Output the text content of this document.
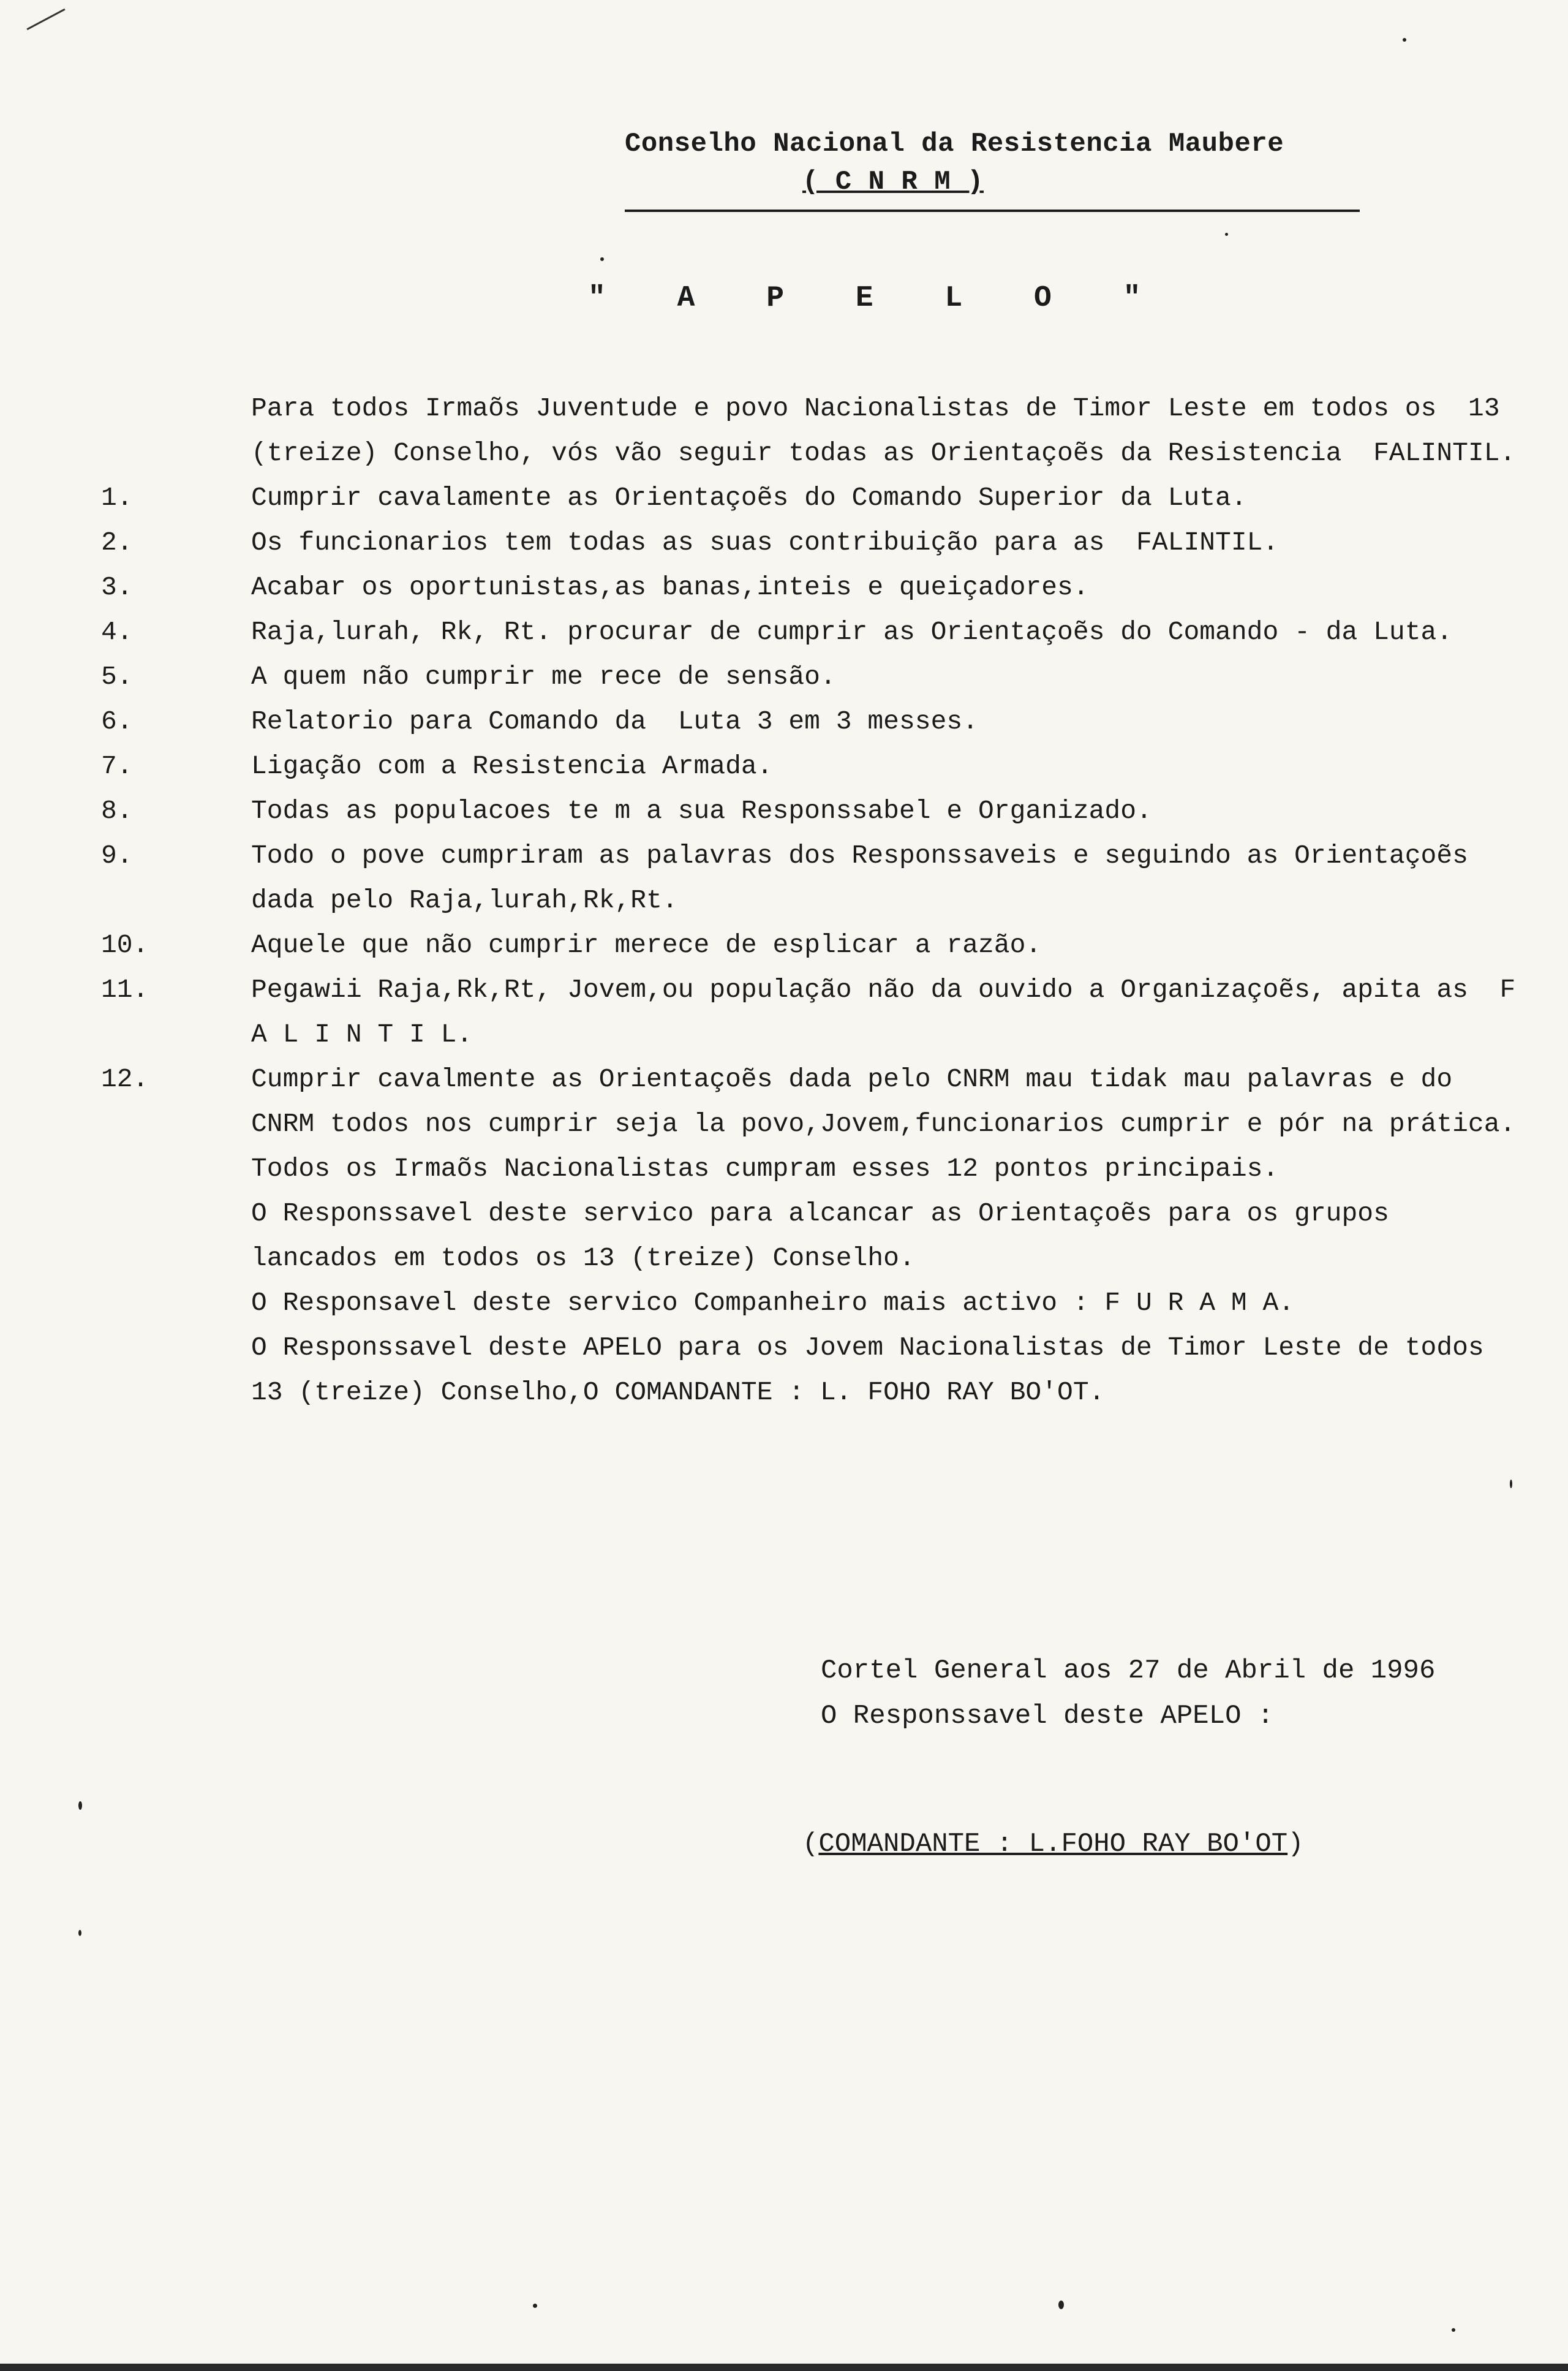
Conselho Nacional da Resistencia Maubere

( C N R M )

" A P E L O "

Para todos Irmaõs Juventude e povo Nacionalistas de Timor Leste em todos os  13 (treize) Conselho, vós vão seguir todas as Orientaçoẽs da Resistencia  FALINTIL.

1.	Cumprir cavalamente as Orientaçoẽs do Comando Superior da Luta.
2.	Os funcionarios tem todas as suas contribuição para as  FALINTIL.
3.	Acabar os oportunistas,as banas,inteis e queiçadores.
4.	Raja,lurah, Rk, Rt. procurar de cumprir as Orientaçoẽs do Comando - da Luta.
5.	A quem não cumprir me rece de sensão.
6.	Relatorio para Comando da  Luta 3 em 3 messes.
7.	Ligação com a Resistencia Armada.
8.	Todas as populacoes te m a sua Responssabel e Organizado.
9.	Todo o pove cumpriram as palavras dos Responssaveis e seguindo as Orientaçoẽs dada pelo Raja,lurah,Rk,Rt.
10.	Aquele que não cumprir merece de esplicar a razão.
11.	Pegawii Raja,Rk,Rt, Jovem,ou população não da ouvido a Organizaçoẽs, apita as  F A L I N T I L.
12.	Cumprir cavalmente as Orientaçoẽs dada pelo CNRM mau tidak mau palavras e do CNRM todos nos cumprir seja la povo,Jovem,funcionarios cumprir e pór na prática.

Todos os Irmaõs Nacionalistas cumpram esses 12 pontos principais.

O Responssavel deste servico para alcancar as Orientaçoẽs para os grupos lancados em todos os 13 (treize) Conselho.

O Responsavel deste servico Companheiro mais activo : F U R A M A.

O Responssavel deste APELO para os Jovem Nacionalistas de Timor Leste de todos 13 (treize) Conselho,O COMANDANTE : L. FOHO RAY BO'OT.

Cortel General aos 27 de Abril de 1996

O Responssavel deste APELO :

(COMANDANTE : L.FOHO RAY BO'OT)
